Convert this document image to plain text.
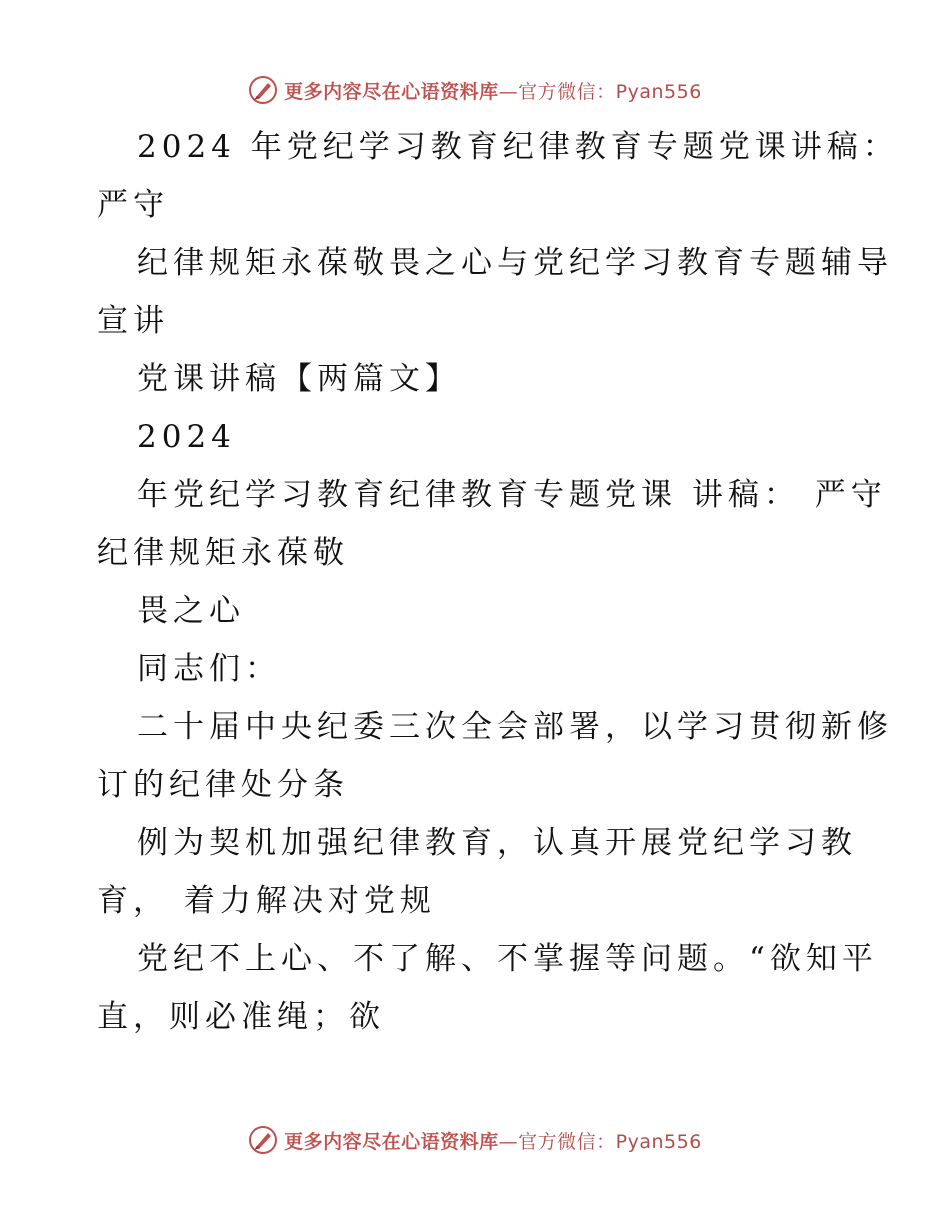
更多内容尽在心语资料库—官方微信：Pyan556
2024 年党纪学习教育纪律教育专题党课讲稿：
严守
纪律规矩永葆敬畏之心与党纪学习教育专题辅导
宣讲
党课讲稿【两篇文】
2024
年党纪学习教育纪律教育专题党课 讲稿： 严守
纪律规矩永葆敬
畏之心
同志们：
二十届中央纪委三次全会部署，以学习贯彻新修
订的纪律处分条
例为契机加强纪律教育，认真开展党纪学习教
育， 着力解决对党规
党纪不上心、不了解、不掌握等问题。“欲知平
直，则必准绳；欲
更多内容尽在心语资料库—官方微信：Pyan556
